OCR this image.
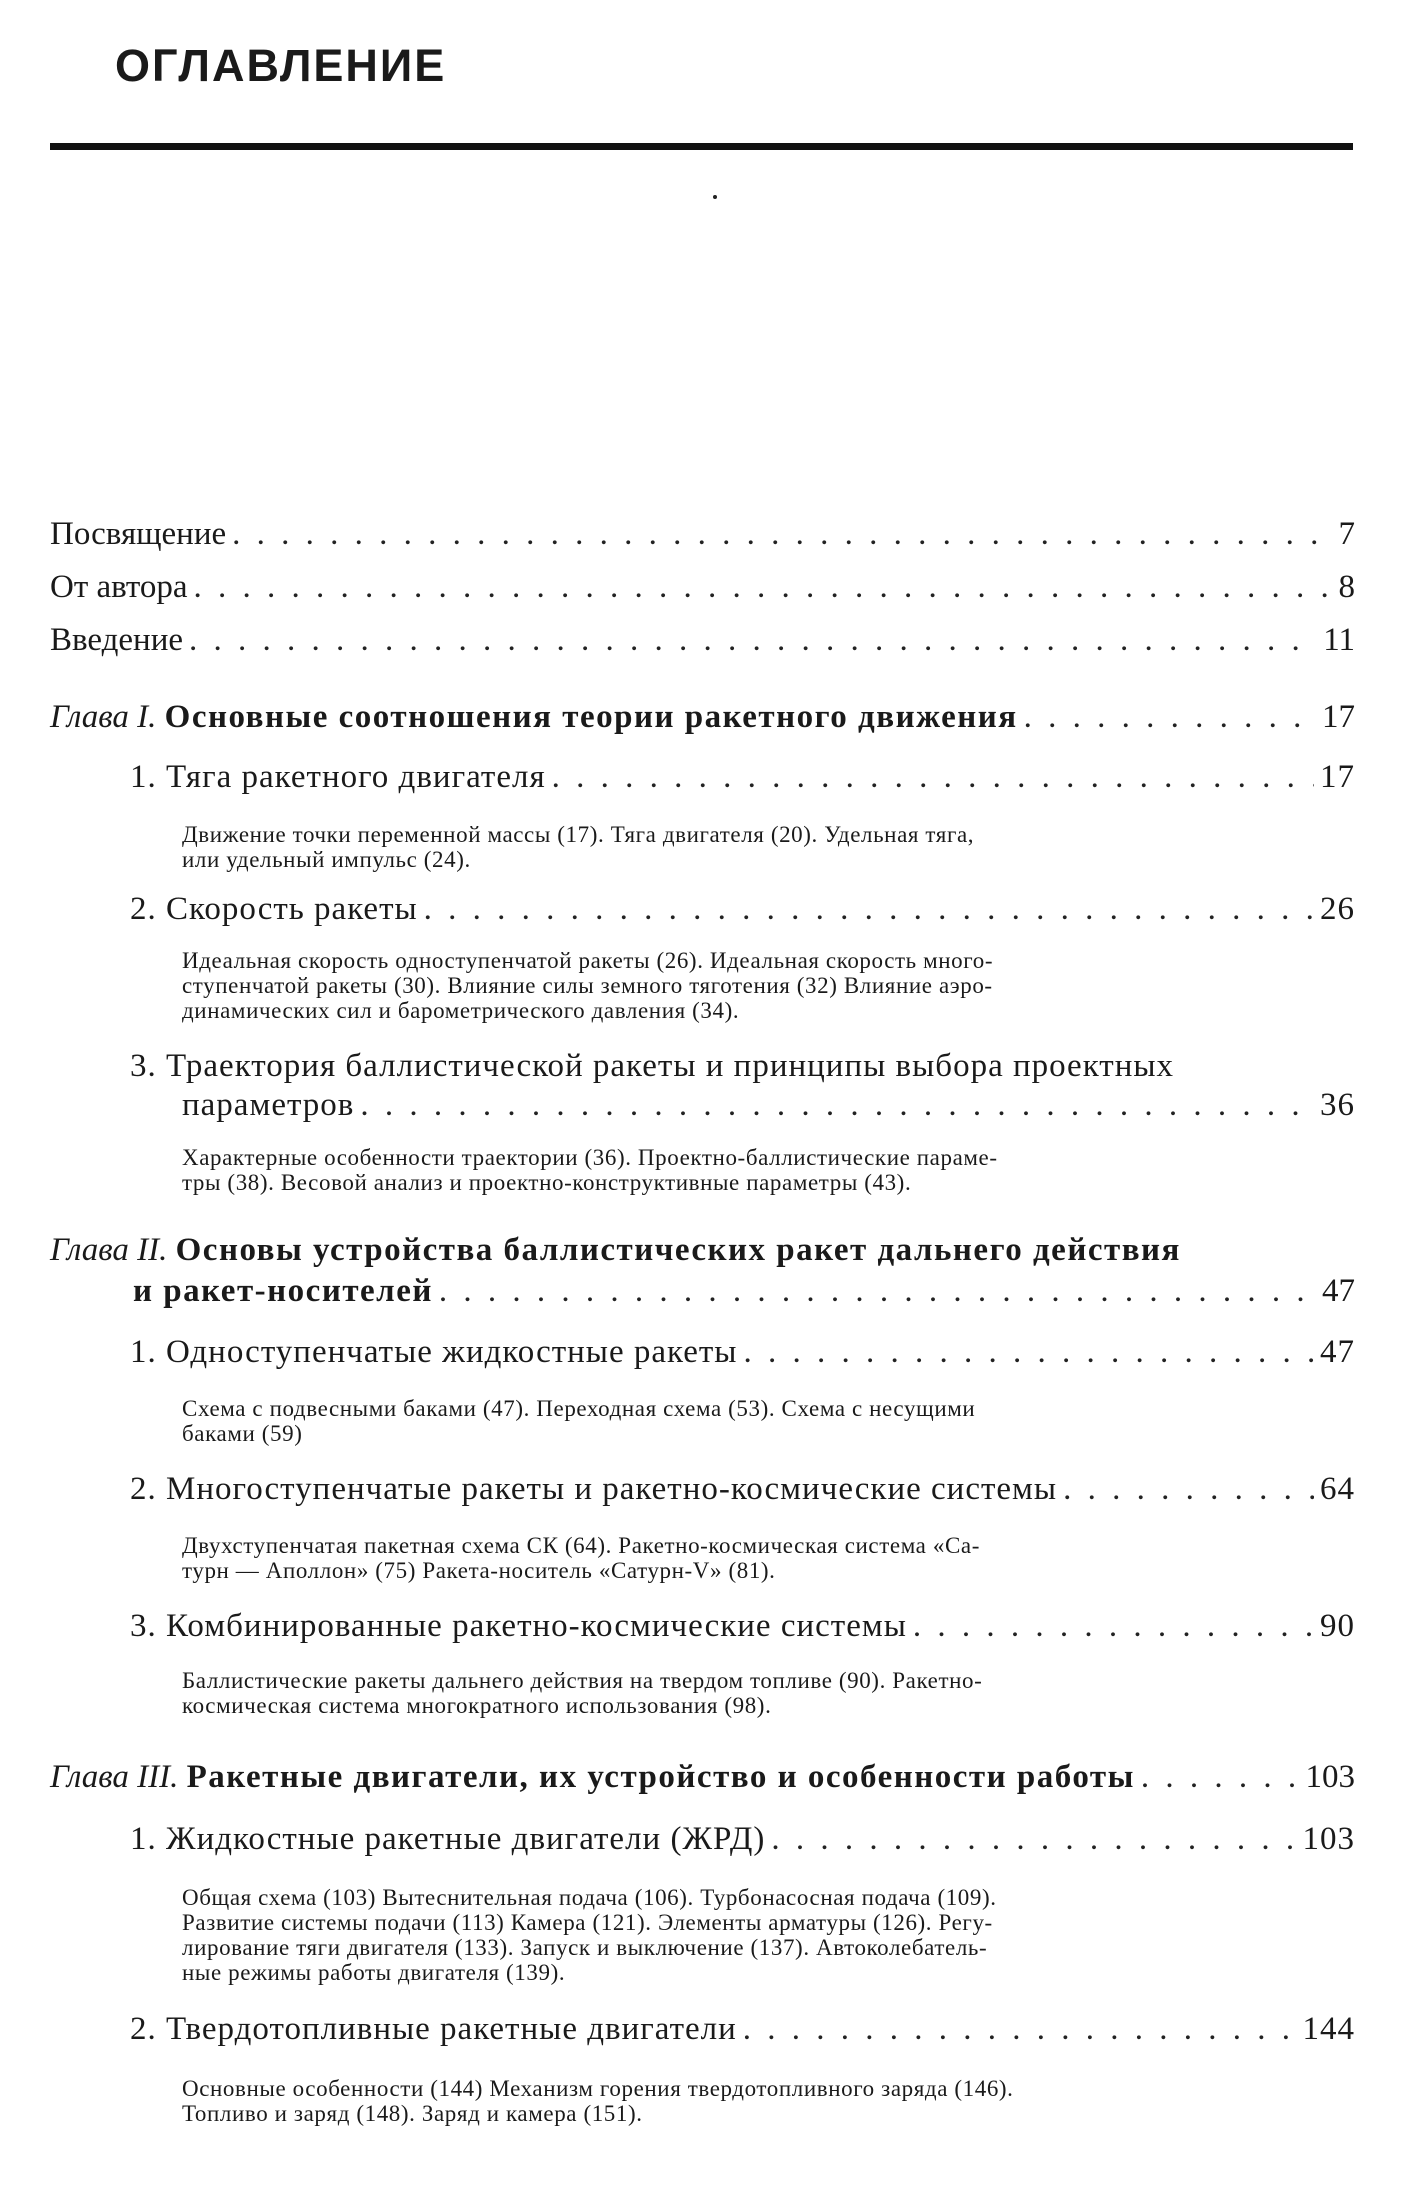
ОГЛАВЛЕНИЕ
Посвящение . . .	7
От автора . . .	8
Введение . . .	11
Глава I. Основные соотношения теории ракетного движения . . .	17
1. Тяга ракетного двигателя . . .	17
Движение точки переменной массы (17). Тяга двигателя (20). Удельная тяга,
или удельный импульс (24).
2. Скорость ракеты . . .	26
Идеальная скорость одноступенчатой ракеты (26). Идеальная скорость много-
ступенчатой ракеты (30). Влияние силы земного тяготения (32) Влияние аэро-
динамических сил и барометрического давления (34).
3. Траектория баллистической ракеты и принципы выбора проектных
параметров . . .	36
Характерные особенности траектории (36). Проектно-баллистические параме-
тры (38). Весовой анализ и проектно-конструктивные параметры (43).
Глава II. Основы устройства баллистических ракет дальнего действия
и ракет-носителей . . .	47
1. Одноступенчатые жидкостные ракеты . . .	47
Схема с подвесными баками (47). Переходная схема (53). Схема с несущими
баками (59)
2. Многоступенчатые ракеты и ракетно-космические системы . . .	64
Двухступенчатая пакетная схема СК (64). Ракетно-космическая система «Са-
турн — Аполлон» (75) Ракета-носитель «Сатурн-V» (81).
3. Комбинированные ракетно-космические системы . . .	90
Баллистические ракеты дальнего действия на твердом топливе (90). Ракетно-
космическая система многократного использования (98).
Глава III. Ракетные двигатели, их устройство и особенности работы . . .	103
1. Жидкостные ракетные двигатели (ЖРД) . . .	103
Общая схема (103) Вытеснительная подача (106). Турбонасосная подача (109).
Развитие системы подачи (113) Камера (121). Элементы арматуры (126). Регу-
лирование тяги двигателя (133). Запуск и выключение (137). Автоколебатель-
ные режимы работы двигателя (139).
2. Твердотопливные ракетные двигатели . . .	144
Основные особенности (144) Механизм горения твердотопливного заряда (146).
Топливо и заряд (148). Заряд и камера (151).
